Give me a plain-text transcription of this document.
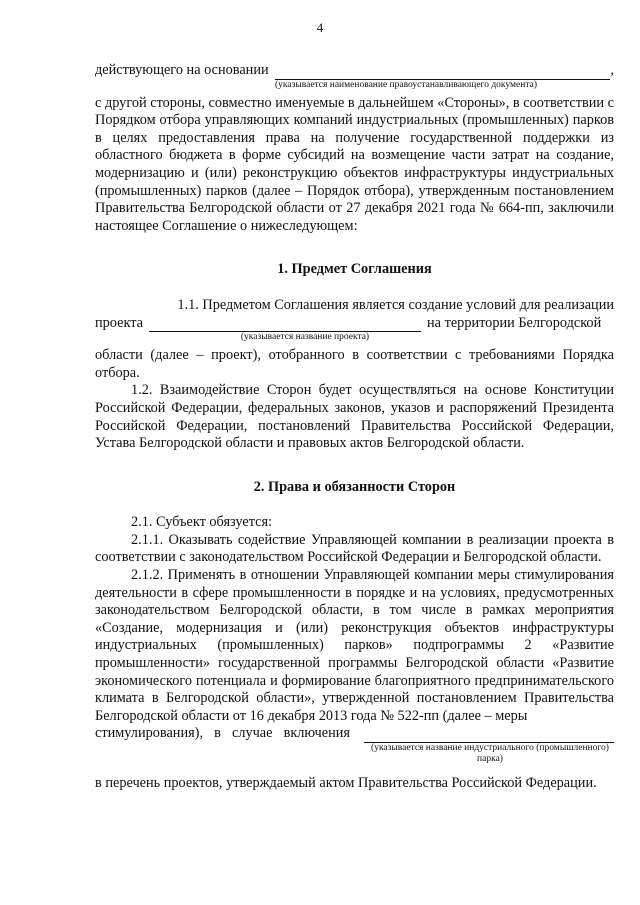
4
действующего на основании	,
(указывается наименование правоустанавливающего документа)

с другой стороны, совместно именуемые в дальнейшем «Стороны», в соответствии с Порядком отбора управляющих компаний индустриальных (промышленных) парков в целях предоставления права на получение государственной поддержки из областного бюджета в форме субсидий на возмещение части затрат на создание, модернизацию и (или) реконструкцию объектов инфраструктуры индустриальных (промышленных) парков (далее – Порядок отбора), утвержденным постановлением Правительства Белгородской области от 27 декабря 2021 года № 664-пп, заключили настоящее Соглашение о нижеследующем:

1. Предмет Соглашения

1.1. Предметом Соглашения является создание условий для реализации

проекта	на территории Белгородской
(указывается название проекта)

области (далее – проект), отобранного в соответствии с требованиями Порядка отбора.

1.2. Взаимодействие Сторон будет осуществляться на основе Конституции Российской Федерации, федеральных законов, указов и распоряжений Президента Российской Федерации, постановлений Правительства Российской Федерации, Устава Белгородской области и правовых актов Белгородской области.

2. Права и обязанности Сторон

2.1. Субъект обязуется:

2.1.1. Оказывать содействие Управляющей компании в реализации проекта в соответствии с законодательством Российской Федерации и Белгородской области.

2.1.2. Применять в отношении Управляющей компании меры стимулирования деятельности в сфере промышленности в порядке и на условиях, предусмотренных законодательством Белгородской области, в том числе в рамках мероприятия «Создание, модернизация и (или) реконструкция объектов инфраструктуры индустриальных (промышленных) парков» подпрограммы 2 «Развитие промышленности» государственной программы Белгородской области «Развитие экономического потенциала и формирование благоприятного предпринимательского климата в Белгородской области», утвержденной постановлением Правительства Белгородской области от 16 декабря 2013 года № 522-пп (далее – меры

стимулирования), в случае включения
(указывается название индустриального (промышленного) парка)

в перечень проектов, утверждаемый актом Правительства Российской Федерации.
